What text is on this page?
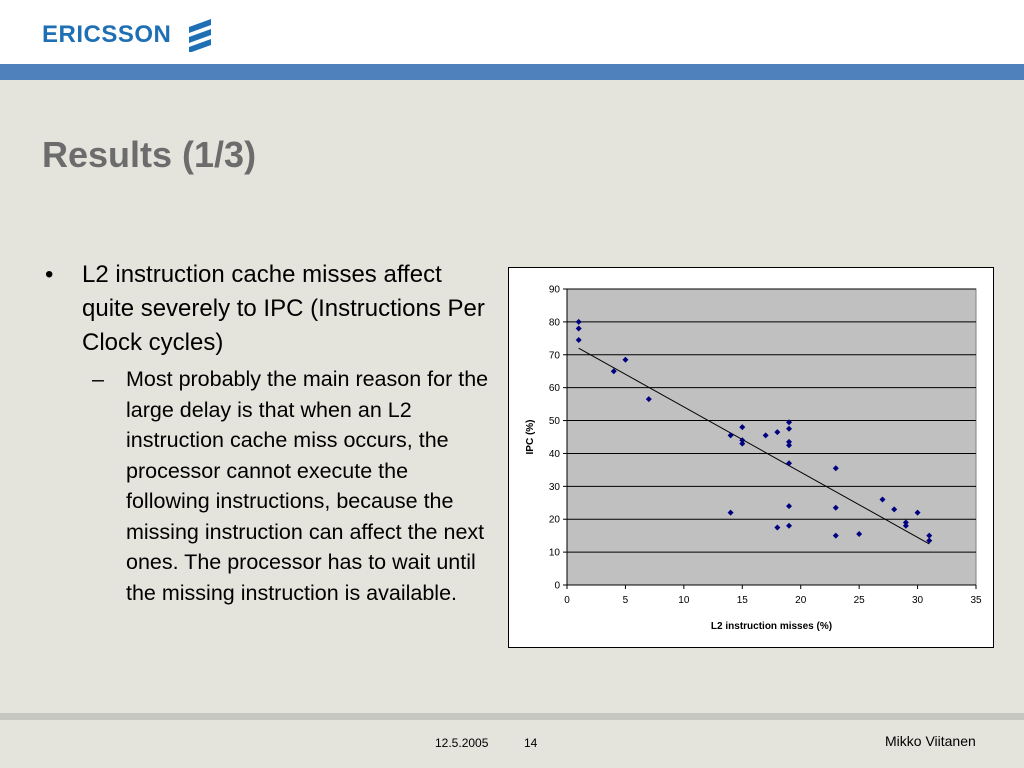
ERICSSON
Results (1/3)
• L2 instruction cache misses affect quite severely to IPC (Instructions Per Clock cycles)
– Most probably the main reason for the large delay is that when an L2 instruction cache miss occurs, the processor cannot execute the following instructions, because the missing instruction can affect the next ones. The processor has to wait until the missing instruction is available.	0
10
20
30
40
50
60
70
80
90
0	5	10	15	20	25	30	35
L2 instruction misses (%)
IPC (%)
12.5.2005	14	Mikko Viitanen
